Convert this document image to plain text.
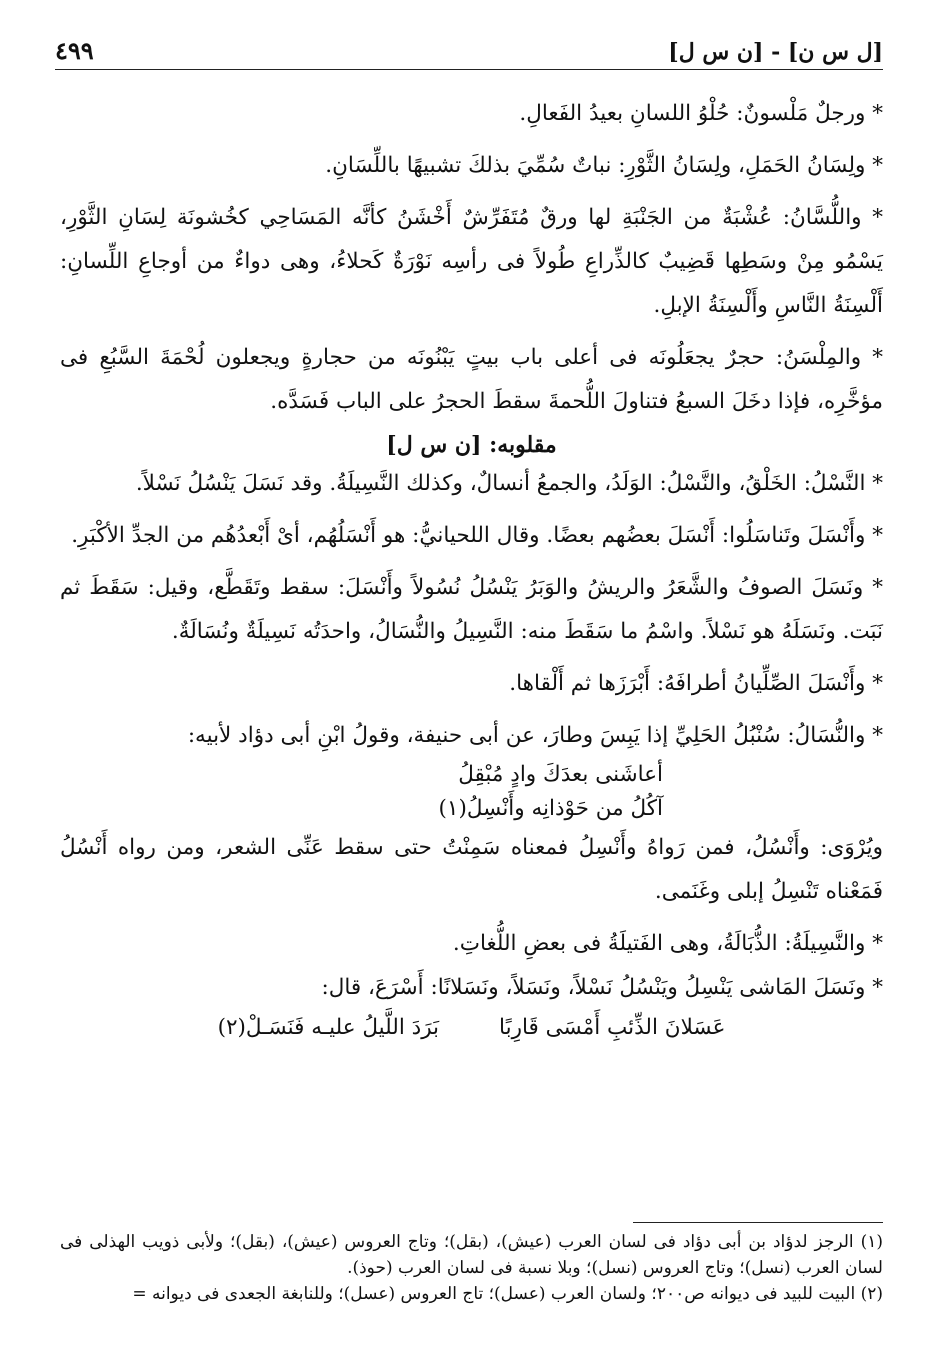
[ل س ن] - [ن س ل]
٤٩٩

* ورجلٌ مَلْسونٌ: حُلْوُ اللسانِ بعيدُ الفَعالِ.

* ولِسَانُ الحَمَلِ، ولِسَانُ الثَّوْرِ: نباتٌ سُمِّيَ بذلكَ تشبيهًا باللِّسَانِ.

* واللُّسَّانُ: عُشْبَةٌ من الجَنْبَةِ لها ورقٌ مُتَفَرِّشٌ أَخْشَنُ كأنَّه المَسَاحِي كخُشونَة لِسَانِ الثَّوْرِ، يَسْمُو مِنْ وسَطِها قَضِيبٌ كالذِّراعِ طُولاً فى رأسِه نَوْرَةٌ كَحلاءُ، وهى دواءٌ من أوجاعِ اللِّسانِ: أَلْسِنَةُ النَّاسِ وأَلْسِنَةُ الإبلِ.

* والمِلْسَنُ: حجرٌ يجعَلُونَه فى أعلى باب بيتٍ يَبْنُونَه من حجارةٍ ويجعلون لُحْمَةَ السَّبُعِ فى مؤخَّرِه، فإذا دخَلَ السبعُ فتناولَ اللُّحمةَ سقطَ الحجرُ على الباب فَسَدَّه.

مقلوبه: [ن س ل]

* النَّسْلُ: الخَلْقُ، والنَّسْلُ: الوَلَدُ، والجمعُ أنسالٌ، وكذلك النَّسِيلَةُ. وقد نَسَلَ يَنْسُلُ نَسْلاً.

* وأَنْسَلَ وتَناسَلُوا: أَنْسَلَ بعضُهم بعضًا. وقال اللحيانيُّ: هو أَنْسَلُهُم، أىْ أَبْعدُهُم من الجدِّ الأكْبَرِ.

* ونَسَلَ الصوفُ والشَّعَرُ والريشُ والوَبَرُ يَنْسُلُ نُسُولاً وأَنْسَلَ: سقط وتَقَطَّع، وقيل: سَقَطَ ثم نَبَت. ونَسَلَهُ هو نَسْلاً. واسْمُ ما سَقَطَ منه: النَّسِيلُ والنُّسَالُ، واحدَتُه نَسِيلَةٌ ونُسَالَةٌ.

* وأَنْسَلَ الصِّلِّيانُ أطرافَهُ: أَبْرَزَها ثم أَلْقاها.

* والنُّسَالُ: سُنْبُلُ الحَلِيِّ إذا يَبِسَ وطارَ، عن أبى حنيفة، وقولُ ابْنِ أبى دؤاد لأبيه:

أعاشَنى بعدَكَ وادٍ مُبْقِلُ
آكُلُ من حَوْذانِه وأَنْسِلُ(١)

ويُرْوَى: وأَنْسُلُ، فمن رَواهُ وأَنْسِلُ فمعناه سَمِنْتُ حتى سقط عَنِّى الشعر، ومن رواه أَنْسُلُ فَمَعْناه تَنْسِلُ إبلى وغَنَمى.

* والنَّسِيلَةُ: الذُّبَالَةُ، وهى الفَتيلَةُ فى بعضِ اللُّغاتِ.

* ونَسَلَ المَاشى يَنْسِلُ ويَنْسُلُ نَسْلاً، ونَسَلاً، ونَسَلانًا: أَسْرَعَ، قال:

عَسَلانَ الذِّئبِ أَمْسَى قَارِبًا
بَرَدَ اللَّيلُ عليـه فَنَسَـلْ(٢)

(١) الرجز لدؤاد بن أبى دؤاد فى لسان العرب (عيش)، (بقل)؛ وتاج العروس (عيش)، (بقل)؛ ولأبى ذويب الهذلى فى لسان العرب (نسل)؛ وتاج العروس (نسل)؛ وبلا نسبة فى لسان العرب (حوذ).

(٢) البيت للبيد فى ديوانه ص٢٠٠؛ ولسان العرب (عسل)؛ تاج العروس (عسل)؛ وللنابغة الجعدى فى ديوانه =
